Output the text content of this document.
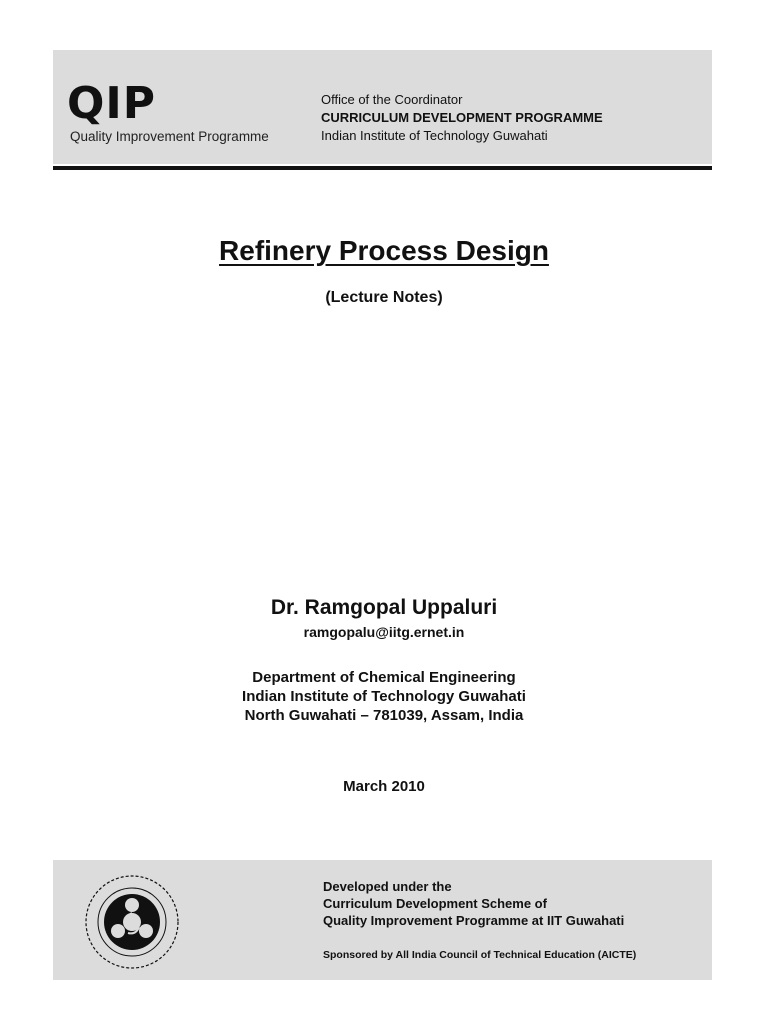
QIP
Quality Improvement Programme
Office of the Coordinator
CURRICULUM DEVELOPMENT PROGRAMME
Indian Institute of Technology Guwahati
Refinery Process Design
(Lecture Notes)
Dr. Ramgopal Uppaluri
ramgopalu@iitg.ernet.in
Department of Chemical Engineering
Indian Institute of Technology Guwahati
North Guwahati – 781039, Assam, India
March 2010
Developed under the
Curriculum Development Scheme of
Quality Improvement Programme at IIT Guwahati
Sponsored by All India Council of Technical Education (AICTE)
